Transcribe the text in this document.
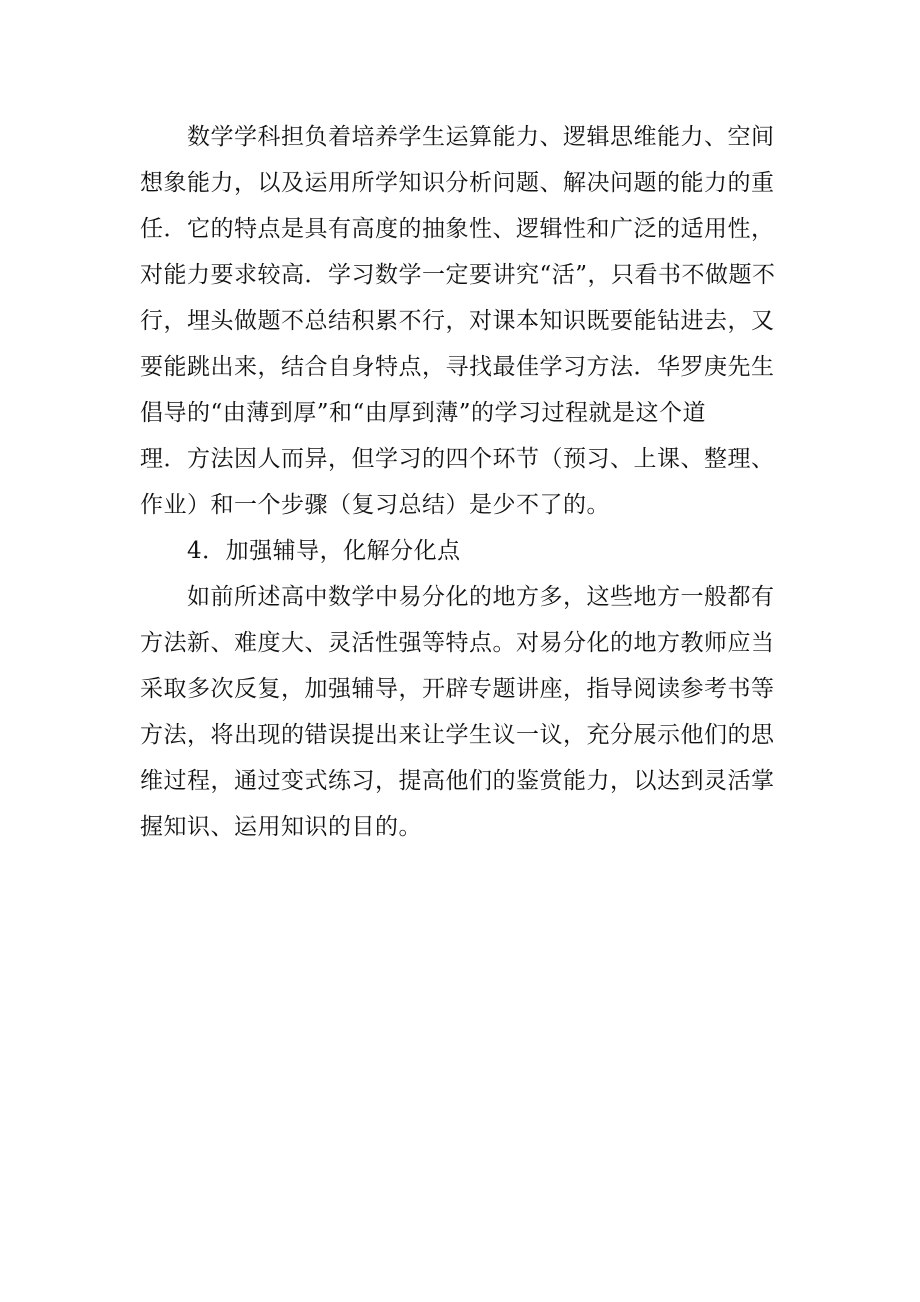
数学学科担负着培养学生运算能力、逻辑思维能力、空间
想象能力，以及运用所学知识分析问题、解决问题的能力的重
任．它的特点是具有高度的抽象性、逻辑性和广泛的适用性，
对能力要求较高．学习数学一定要讲究“活”，只看书不做题不
行，埋头做题不总结积累不行，对课本知识既要能钻进去，又
要能跳出来，结合自身特点，寻找最佳学习方法．华罗庚先生
倡导的“由薄到厚”和“由厚到薄”的学习过程就是这个道
理．方法因人而异，但学习的四个环节（预习、上课、整理、
作业）和一个步骤（复习总结）是少不了的。
4．加强辅导，化解分化点
如前所述高中数学中易分化的地方多，这些地方一般都有
方法新、难度大、灵活性强等特点。对易分化的地方教师应当
采取多次反复，加强辅导，开辟专题讲座，指导阅读参考书等
方法，将出现的错误提出来让学生议一议，充分展示他们的思
维过程，通过变式练习，提高他们的鉴赏能力，以达到灵活掌
握知识、运用知识的目的。
